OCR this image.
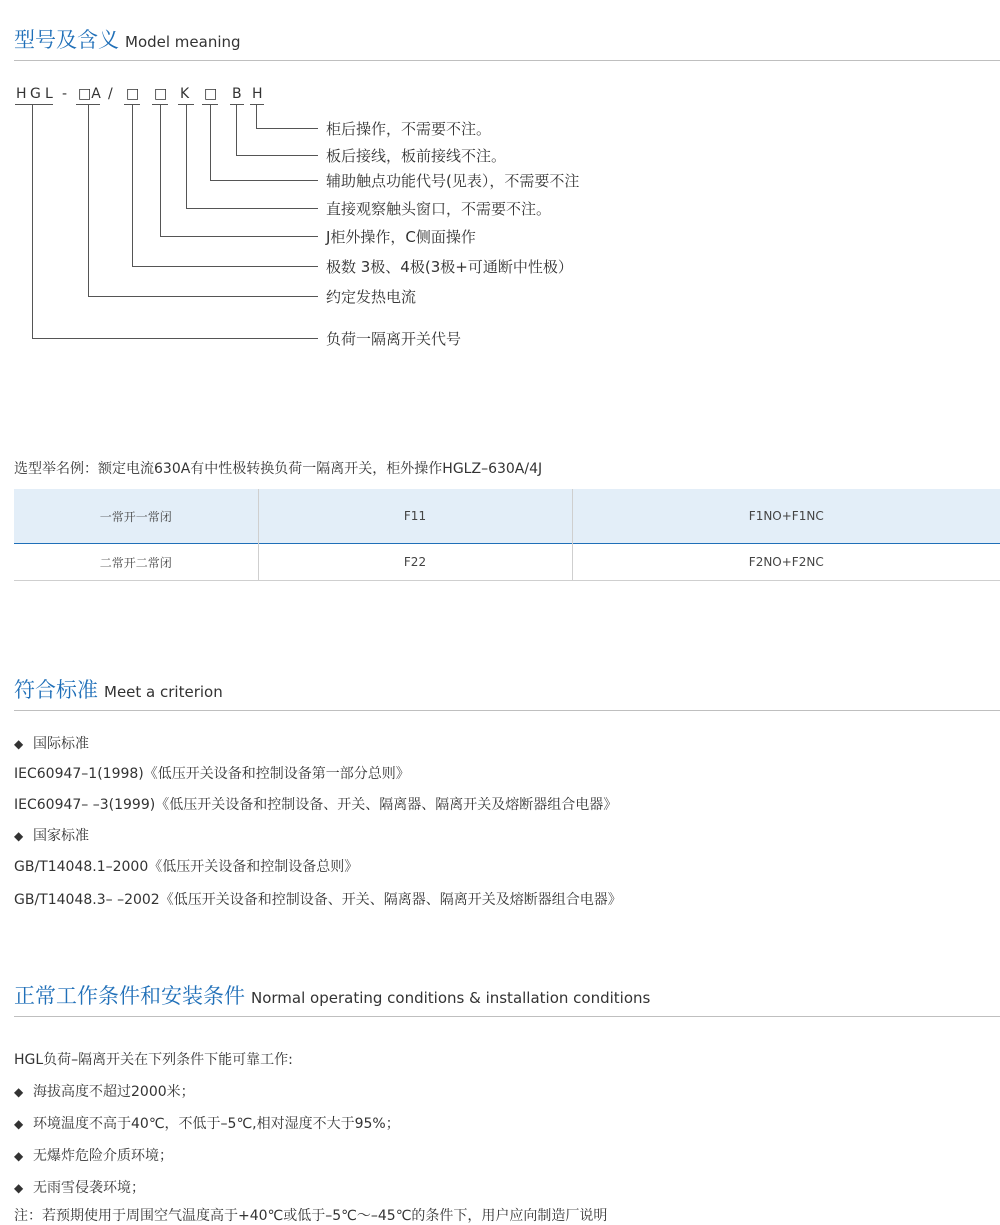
型号及含义 Model meaning
H G L - □A / □ □ K □ B H
柜后操作，不需要不注。
板后接线，板前接线不注。
辅助触点功能代号(见表），不需要不注
直接观察触头窗口，不需要不注。
J柜外操作，C侧面操作
极数 3极、4极(3极+可通断中性极）
约定发热电流
负荷一隔离开关代号
选型举名例：额定电流630A有中性极转换负荷一隔离开关，柜外操作HGLZ–630A/4J
一常开一常闭	F11	F1NO+F1NC
二常开二常闭	F22	F2NO+F2NC
符合标准 Meet a criterion
◆ 国际标准
IEC60947–1(1998)《低压开关设备和控制设备第一部分总则》
IEC60947– –3(1999)《低压开关设备和控制设备、开关、隔离器、隔离开关及熔断器组合电器》
◆ 国家标准
GB/T14048.1–2000《低压开关设备和控制设备总则》
GB/T14048.3– –2002《低压开关设备和控制设备、开关、隔离器、隔离开关及熔断器组合电器》
正常工作条件和安装条件 Normal operating conditions & installation conditions
HGL负荷–隔离开关在下列条件下能可靠工作:
◆ 海拔高度不超过2000米；
◆ 环境温度不高于40℃，不低于–5℃,相对湿度不大于95%；
◆ 无爆炸危险介质环境；
◆ 无雨雪侵袭环境；
注：若预期使用于周围空气温度高于+40℃或低于–5℃～–45℃的条件下，用户应向制造厂说明
